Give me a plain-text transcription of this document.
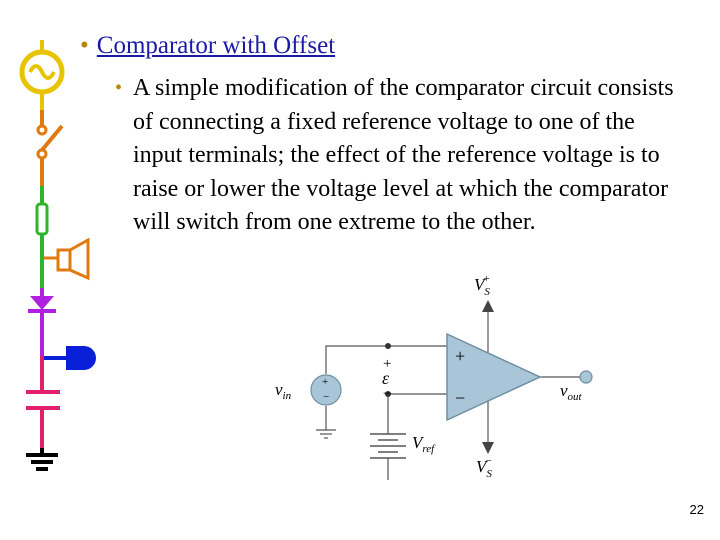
• Comparator with Offset
• A simple modification of the comparator circuit consists of connecting a fixed reference voltage to one of the input terminals; the effect of the reference voltage is to raise or lower the voltage level at which the comparator will switch from one extreme to the other.
+
−
+
−
$V_S+$
$V_S-$
+
ε
−
$v_{in}$	$v_{out}$
$V_{ref}$
22
